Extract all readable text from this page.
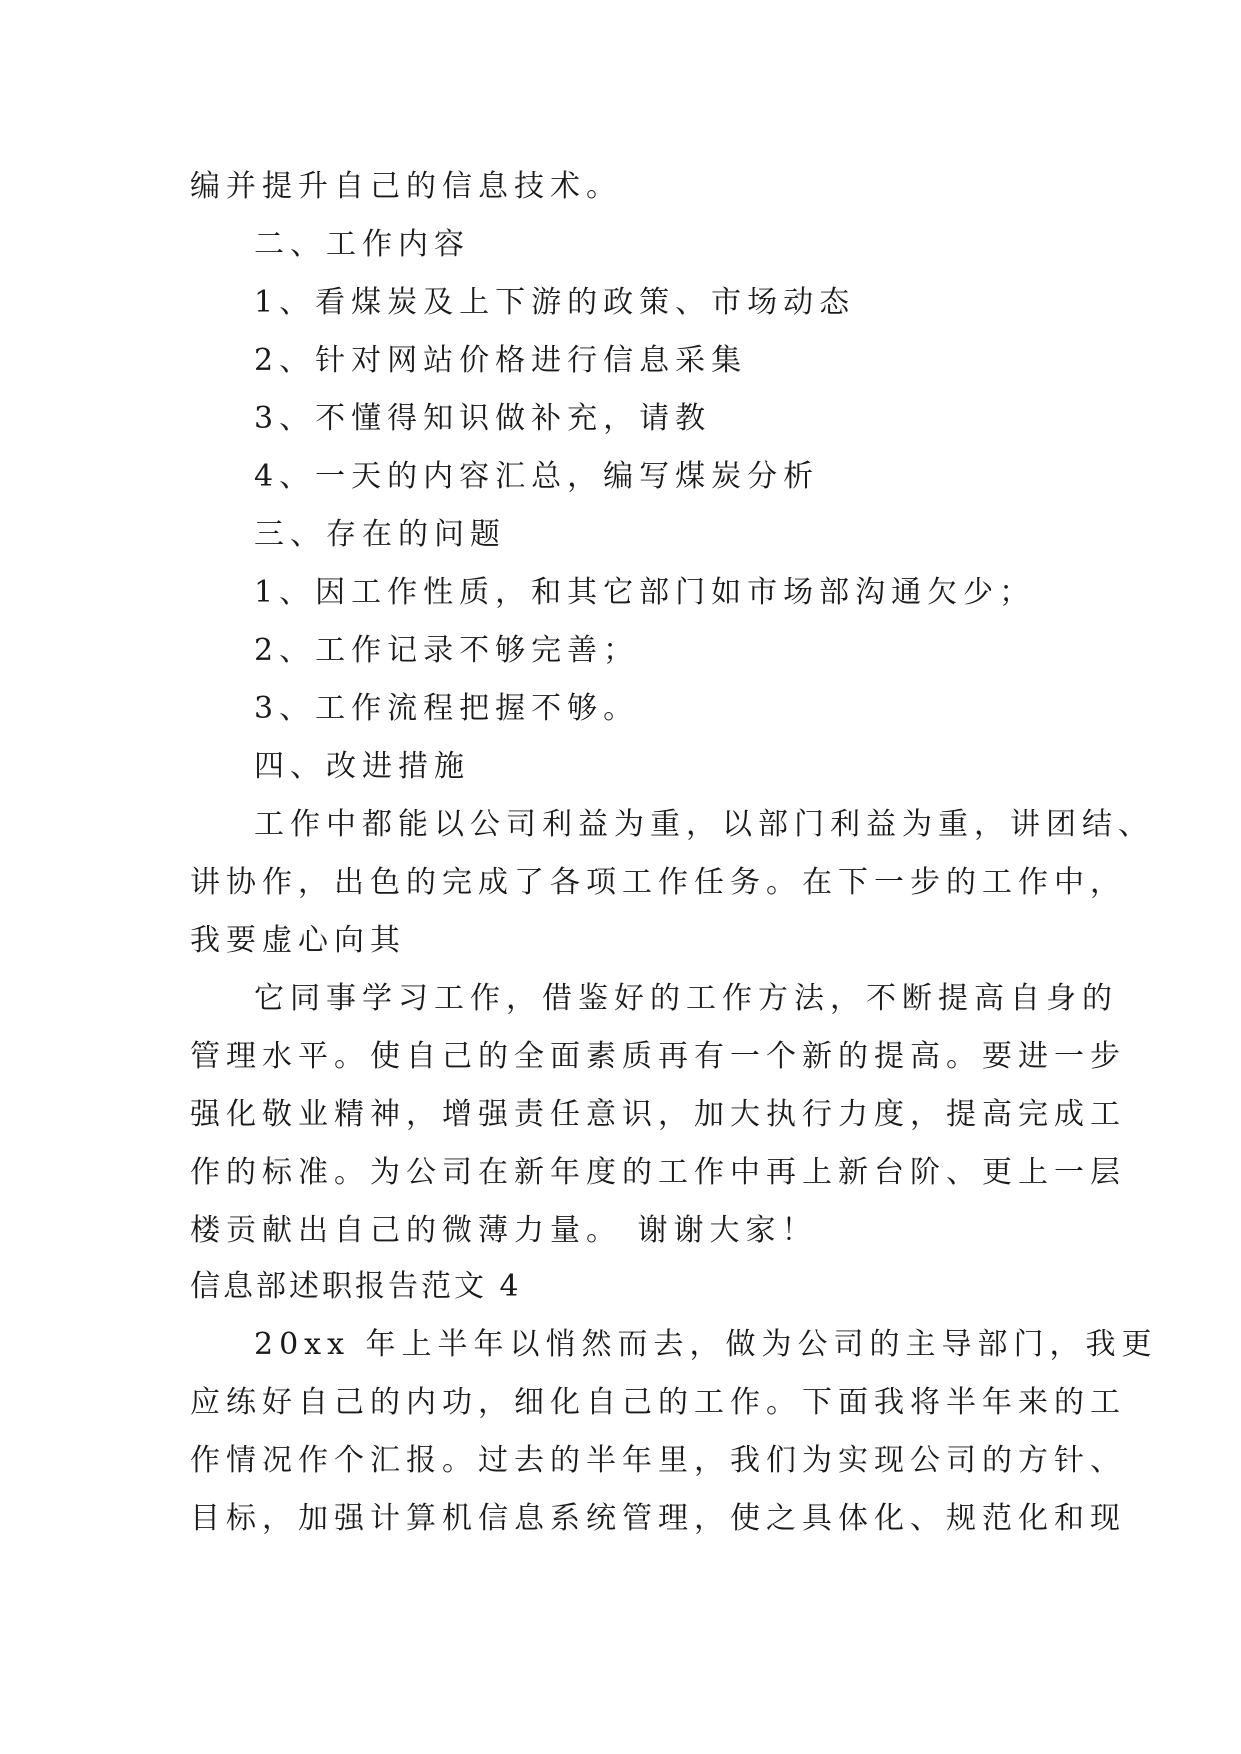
编并提升自己的信息技术。
二、工作内容
1、看煤炭及上下游的政策、市场动态
2、针对网站价格进行信息采集
3、不懂得知识做补充，请教
4、一天的内容汇总，编写煤炭分析
三、存在的问题
1、因工作性质，和其它部门如市场部沟通欠少；
2、工作记录不够完善；
3、工作流程把握不够。
四、改进措施
工作中都能以公司利益为重，以部门利益为重，讲团结、
讲协作，出色的完成了各项工作任务。在下一步的工作中，
我要虚心向其
它同事学习工作，借鉴好的工作方法，不断提高自身的
管理水平。使自己的全面素质再有一个新的提高。要进一步
强化敬业精神，增强责任意识，加大执行力度，提高完成工
作的标准。为公司在新年度的工作中再上新台阶、更上一层
楼贡献出自己的微薄力量。 谢谢大家！
信息部述职报告范文 4
20xx 年上半年以悄然而去，做为公司的主导部门，我更
应练好自己的内功，细化自己的工作。下面我将半年来的工
作情况作个汇报。过去的半年里，我们为实现公司的方针、
目标，加强计算机信息系统管理，使之具体化、规范化和现
